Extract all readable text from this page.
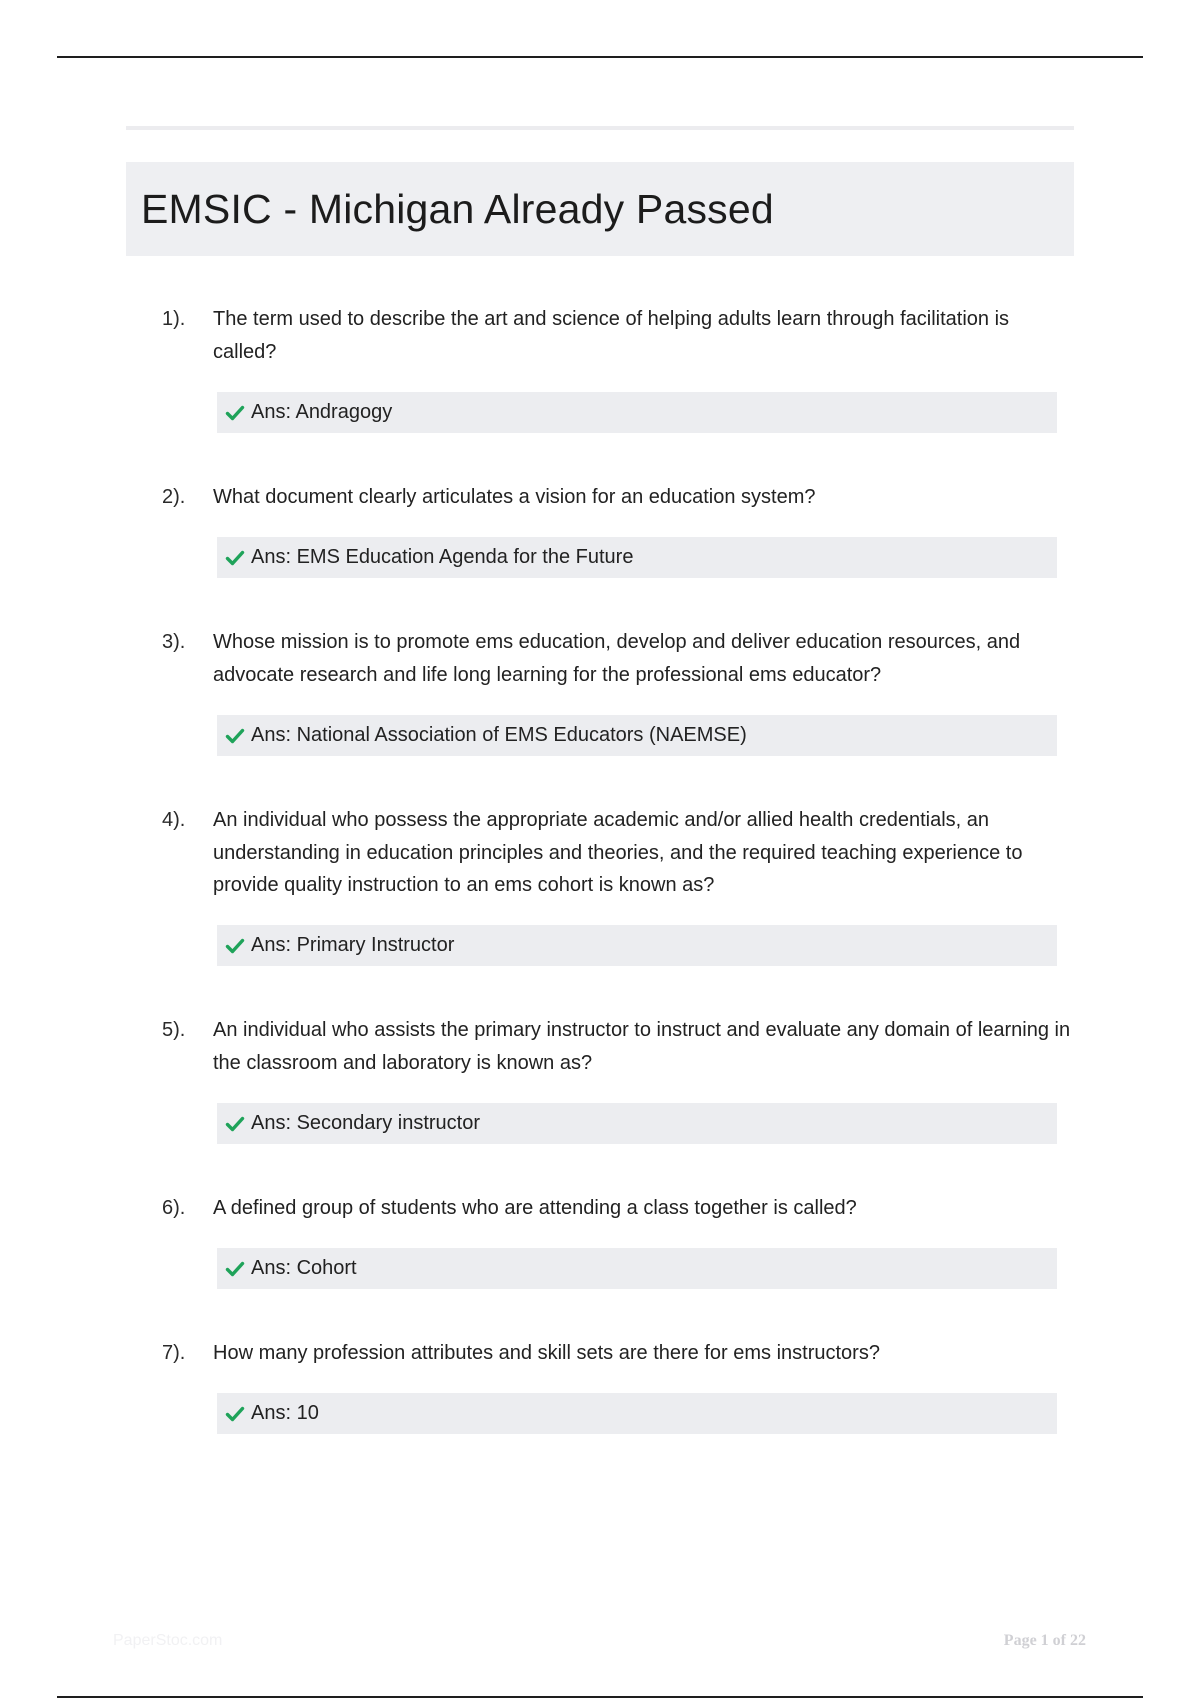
EMSIC - Michigan Already Passed
1). The term used to describe the art and science of helping adults learn through facilitation is called?
Ans: Andragogy
2). What document clearly articulates a vision for an education system?
Ans: EMS Education Agenda for the Future
3). Whose mission is to promote ems education, develop and deliver education resources, and advocate research and life long learning for the professional ems educator?
Ans: National Association of EMS Educators (NAEMSE)
4). An individual who possess the appropriate academic and/or allied health credentials, an understanding in education principles and theories, and the required teaching experience to provide quality instruction to an ems cohort is known as?
Ans: Primary Instructor
5). An individual who assists the primary instructor to instruct and evaluate any domain of learning in the classroom and laboratory is known as?
Ans: Secondary instructor
6). A defined group of students who are attending a class together is called?
Ans: Cohort
7). How many profession attributes and skill sets are there for ems instructors?
Ans: 10
PaperStoc.com	Page 1 of 22
